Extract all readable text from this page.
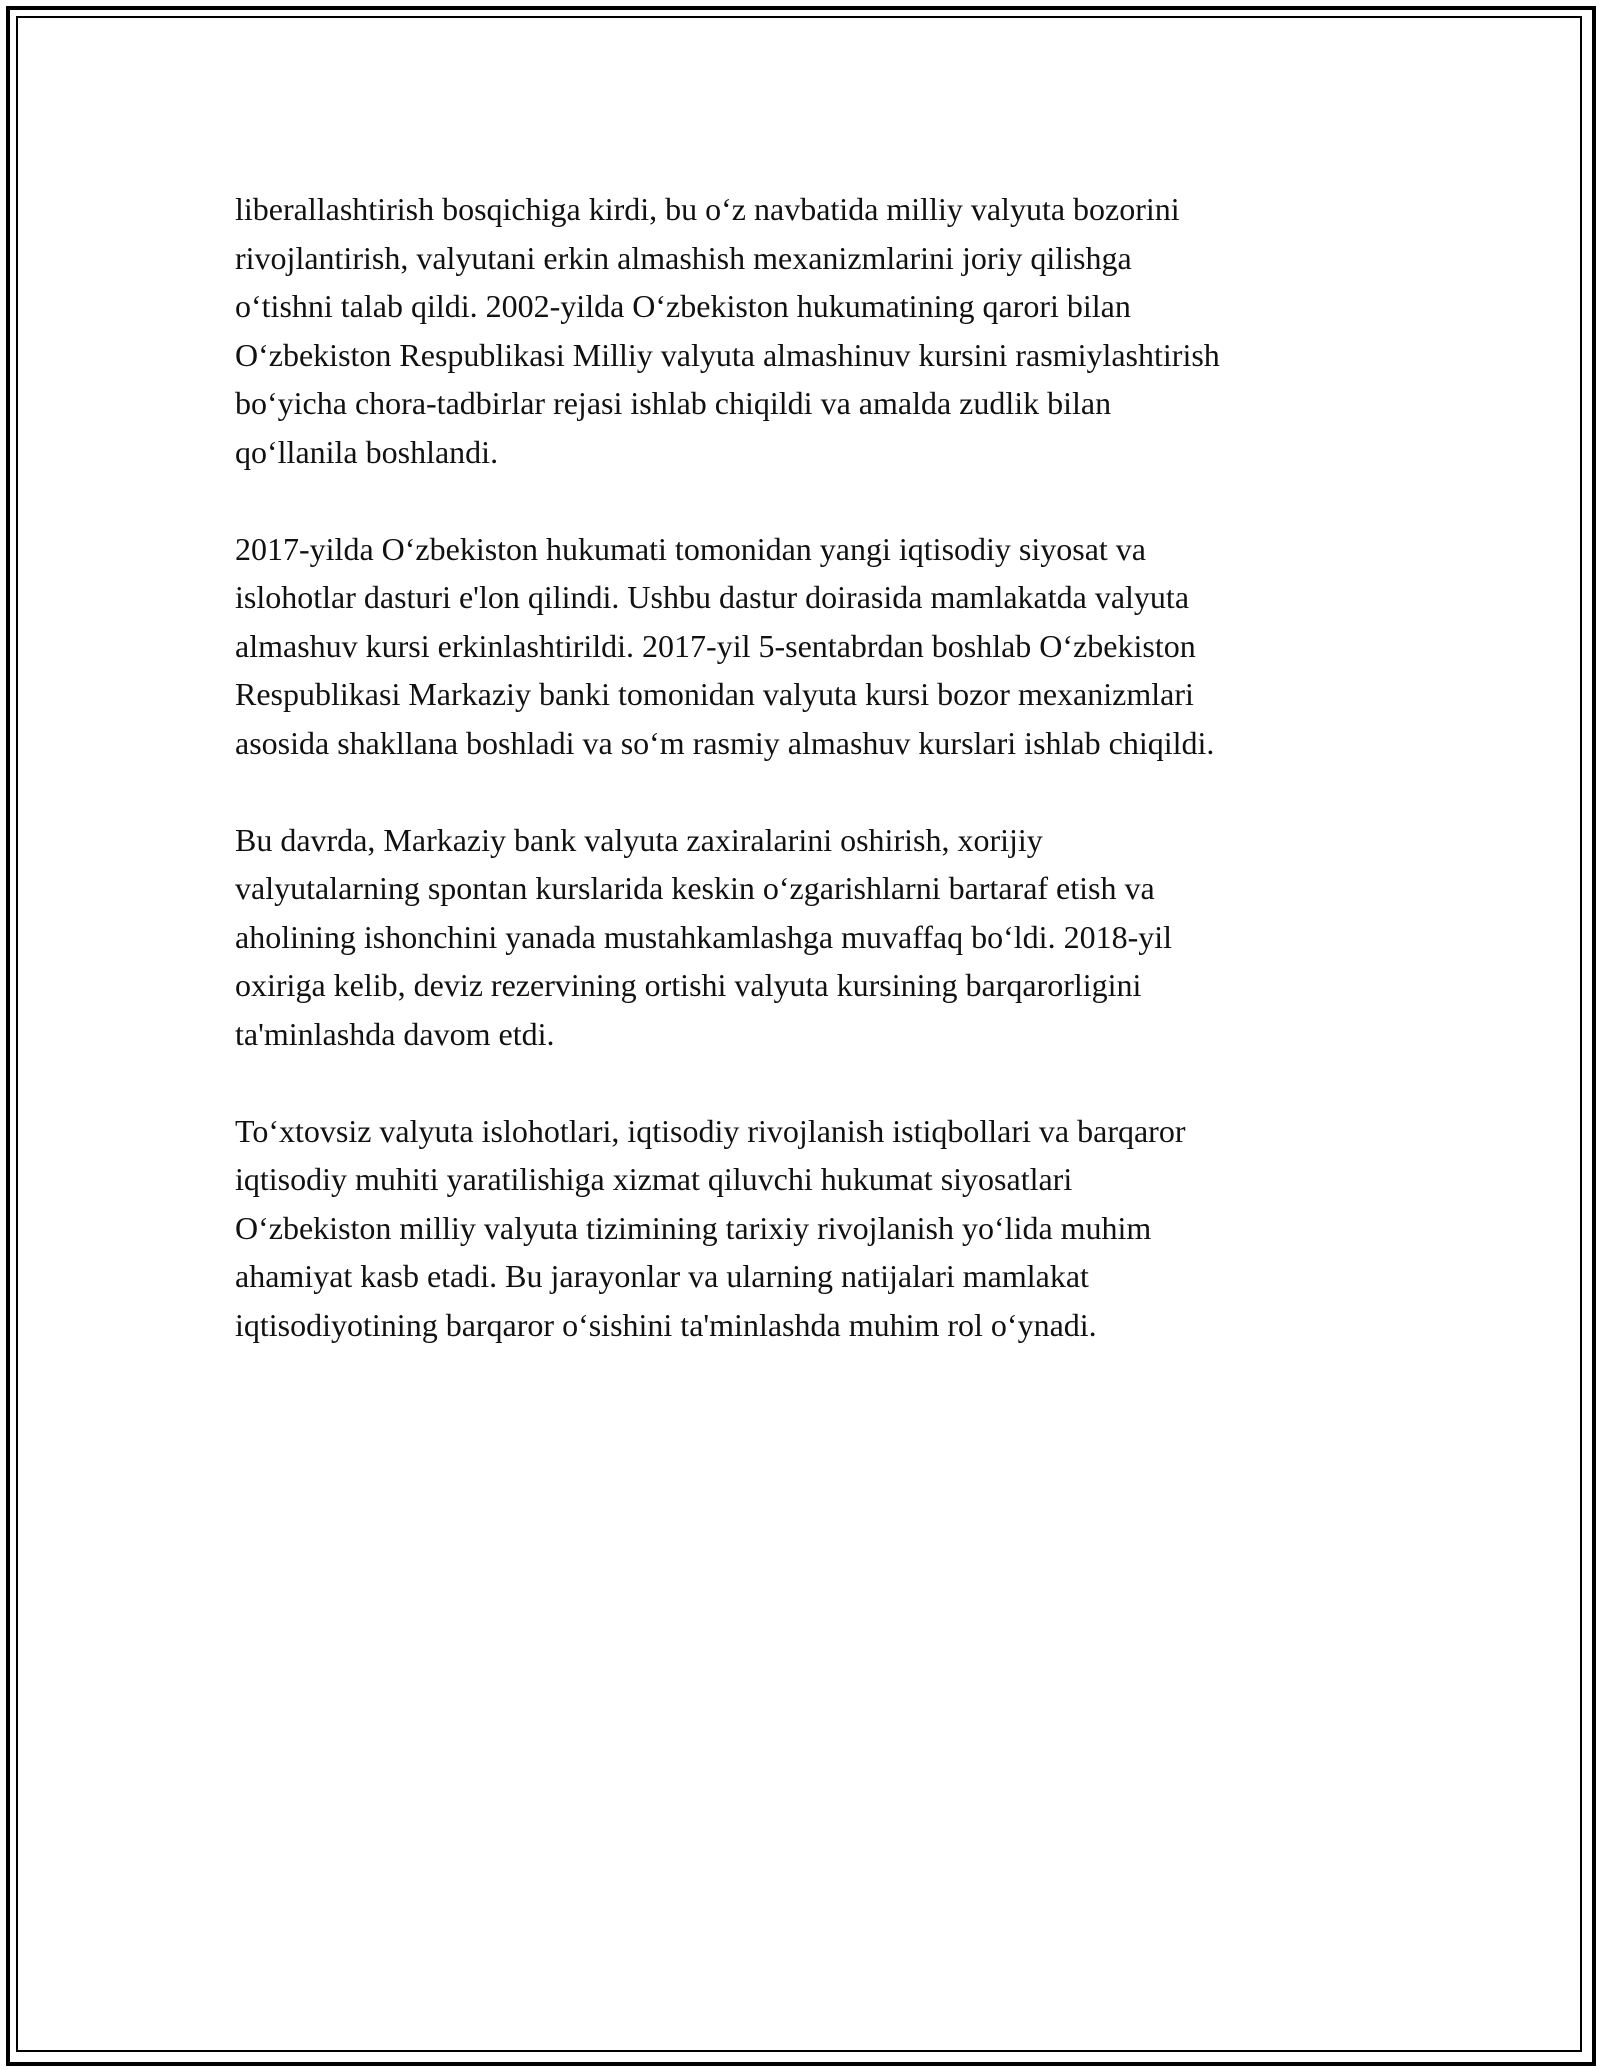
liberallashtirish bosqichiga kirdi, bu o‘z navbatida milliy valyuta bozorini
rivojlantirish, valyutani erkin almashish mexanizmlarini joriy qilishga
o‘tishni talab qildi. 2002-yilda O‘zbekiston hukumatining qarori bilan
O‘zbekiston Respublikasi Milliy valyuta almashinuv kursini rasmiylashtirish
bo‘yicha chora-tadbirlar rejasi ishlab chiqildi va amalda zudlik bilan
qo‘llanila boshlandi.

2017-yilda O‘zbekiston hukumati tomonidan yangi iqtisodiy siyosat va
islohotlar dasturi e'lon qilindi. Ushbu dastur doirasida mamlakatda valyuta
almashuv kursi erkinlashtirildi. 2017-yil 5-sentabrdan boshlab O‘zbekiston
Respublikasi Markaziy banki tomonidan valyuta kursi bozor mexanizmlari
asosida shakllana boshladi va so‘m rasmiy almashuv kurslari ishlab chiqildi.

Bu davrda, Markaziy bank valyuta zaxiralarini oshirish, xorijiy
valyutalarning spontan kurslarida keskin o‘zgarishlarni bartaraf etish va
aholining ishonchini yanada mustahkamlashga muvaffaq bo‘ldi. 2018-yil
oxiriga kelib, deviz rezervining ortishi valyuta kursining barqarorligini
ta'minlashda davom etdi.

To‘xtovsiz valyuta islohotlari, iqtisodiy rivojlanish istiqbollari va barqaror
iqtisodiy muhiti yaratilishiga xizmat qiluvchi hukumat siyosatlari
O‘zbekiston milliy valyuta tizimining tarixiy rivojlanish yo‘lida muhim
ahamiyat kasb etadi. Bu jarayonlar va ularning natijalari mamlakat
iqtisodiyotining barqaror o‘sishini ta'minlashda muhim rol o‘ynadi.
